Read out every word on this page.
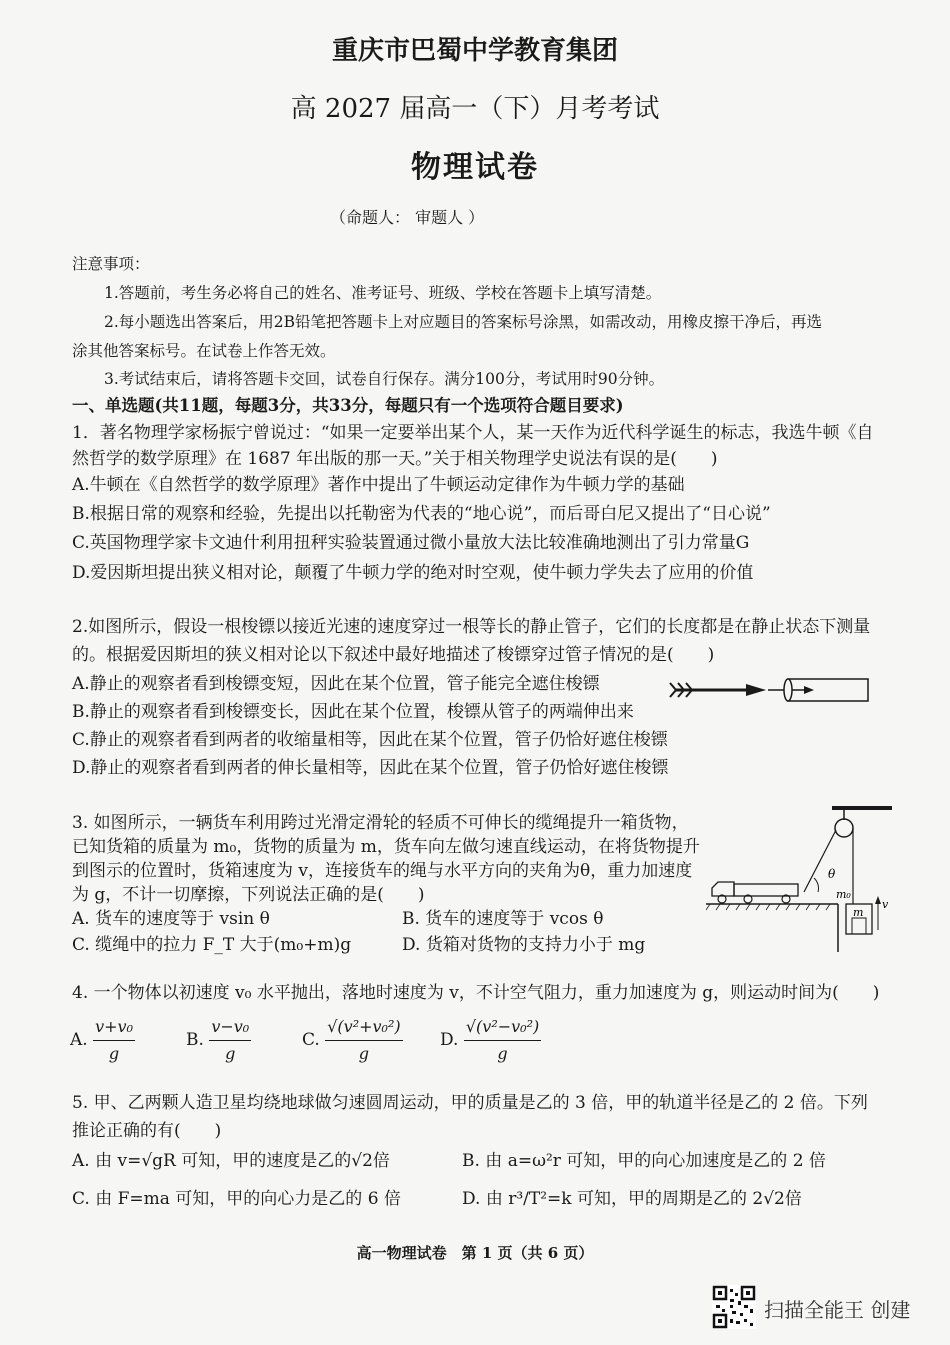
重庆市巴蜀中学教育集团
高 2027 届高一（下）月考考试
物理试卷
（命题人： 审题人 ）
注意事项：
1.答题前，考生务必将自己的姓名、准考证号、班级、学校在答题卡上填写清楚。
2.每小题选出答案后，用2B铅笔把答题卡上对应题目的答案标号涂黑，如需改动，用橡皮擦干净后，再选
涂其他答案标号。在试卷上作答无效。
3.考试结束后，请将答题卡交回，试卷自行保存。满分100分，考试用时90分钟。
一、单选题(共11题，每题3分，共33分，每题只有一个选项符合题目要求)
1．著名物理学家杨振宁曾说过：“如果一定要举出某个人，某一天作为近代科学诞生的标志，我选牛顿《自
然哲学的数学原理》在 1687 年出版的那一天。”关于相关物理学史说法有误的是(　　)
A.牛顿在《自然哲学的数学原理》著作中提出了牛顿运动定律作为牛顿力学的基础
B.根据日常的观察和经验，先提出以托勒密为代表的“地心说”，而后哥白尼又提出了“日心说”
C.英国物理学家卡文迪什利用扭秤实验装置通过微小量放大法比较准确地测出了引力常量G
D.爱因斯坦提出狭义相对论，颠覆了牛顿力学的绝对时空观，使牛顿力学失去了应用的价值
2.如图所示，假设一根梭镖以接近光速的速度穿过一根等长的静止管子，它们的长度都是在静止状态下测量
的。根据爱因斯坦的狭义相对论以下叙述中最好地描述了梭镖穿过管子情况的是(　　)
A.静止的观察者看到梭镖变短，因此在某个位置，管子能完全遮住梭镖
B.静止的观察者看到梭镖变长，因此在某个位置，梭镖从管子的两端伸出来
C.静止的观察者看到两者的收缩量相等，因此在某个位置，管子仍恰好遮住梭镖
D.静止的观察者看到两者的伸长量相等，因此在某个位置，管子仍恰好遮住梭镖
3. 如图所示，一辆货车利用跨过光滑定滑轮的轻质不可伸长的缆绳提升一箱货物，
已知货箱的质量为 m₀，货物的质量为 m，货车向左做匀速直线运动，在将货物提升
到图示的位置时，货箱速度为 v，连接货车的绳与水平方向的夹角为θ，重力加速度
为 g，不计一切摩擦，下列说法正确的是(　　)
A. 货车的速度等于 vsin θ	B. 货车的速度等于 vcos θ
C. 缆绳中的拉力 F_T 大于(m₀+m)g	D. 货箱对货物的支持力小于 mg
θ
m₀
m
v
4. 一个物体以初速度 v₀ 水平抛出，落地时速度为 v，不计空气阻力，重力加速度为 g，则运动时间为(　　)
A. $\frac{\text{v+v₀}}{g}$	B. $\frac{\text{v−v₀}}{g}$	C. $\frac{\text{√(v²+v₀²)}}{g} D$. $\frac{\text{√(v²−v₀²)}}{g}$
5. 甲、乙两颗人造卫星均绕地球做匀速圆周运动，甲的质量是乙的 3 倍，甲的轨道半径是乙的 2 倍。下列
推论正确的有(　　)
A. 由 v=√gR 可知，甲的速度是乙的√2倍	B. 由 a=ω²r 可知，甲的向心加速度是乙的 2 倍
C. 由 F=ma 可知，甲的向心力是乙的 6 倍	D. 由 r³/T²=k 可知，甲的周期是乙的 2√2倍
高一物理试卷　第 1 页（共 6 页）
扫描全能王 创建
